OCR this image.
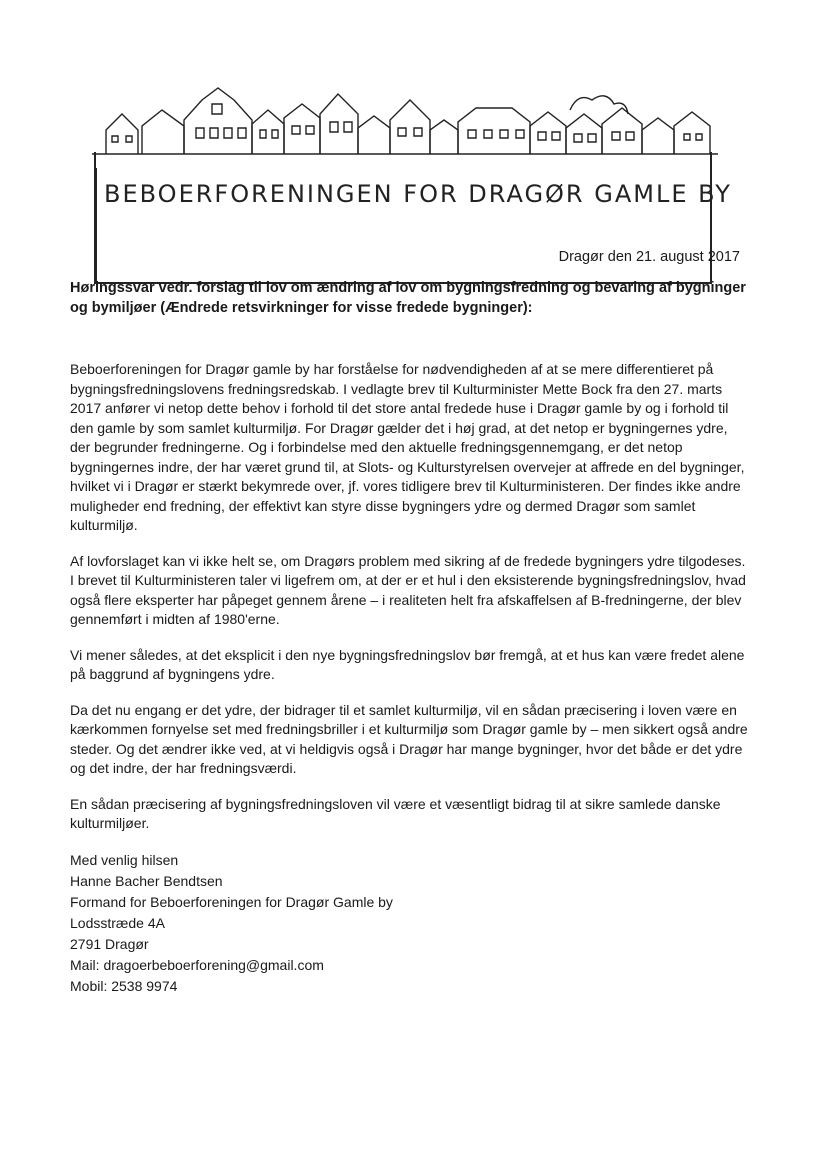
BEBOERFORENINGEN FOR DRAGØR GAMLE BY
Dragør den 21. august 2017
Høringssvar vedr. forslag til lov om ændring af lov om bygningsfredning og bevaring af bygninger og bymiljøer (Ændrede retsvirkninger for visse fredede bygninger):

Beboerforeningen for Dragør gamle by har forståelse for nødvendigheden af at se mere differentieret på bygningsfredningslovens fredningsredskab. I vedlagte brev til Kulturminister Mette Bock fra den 27. marts 2017 anfører vi netop dette behov i forhold til det store antal fredede huse i Dragør gamle by og i forhold til den gamle by som samlet kulturmiljø. For Dragør gælder det i høj grad, at det netop er bygningernes ydre, der begrunder fredningerne. Og i forbindelse med den aktuelle fredningsgennemgang, er det netop bygningernes indre, der har været grund til, at Slots- og Kulturstyrelsen overvejer at affrede en del bygninger, hvilket vi i Dragør er stærkt bekymrede over, jf. vores tidligere brev til Kulturministeren. Der findes ikke andre muligheder end fredning, der effektivt kan styre disse bygningers ydre og dermed Dragør som samlet kulturmiljø.

Af lovforslaget kan vi ikke helt se, om Dragørs problem med sikring af de fredede bygningers ydre tilgodeses. I brevet til Kulturministeren taler vi ligefrem om, at der er et hul i den eksisterende bygningsfredningslov, hvad også flere eksperter har påpeget gennem årene – i realiteten helt fra afskaffelsen af B-fredningerne, der blev gennemført i midten af 1980'erne.

Vi mener således, at det eksplicit i den nye bygningsfredningslov bør fremgå, at et hus kan være fredet alene på baggrund af bygningens ydre.

Da det nu engang er det ydre, der bidrager til et samlet kulturmiljø, vil en sådan præcisering i loven være en kærkommen fornyelse set med fredningsbriller i et kulturmiljø som Dragør gamle by – men sikkert også andre steder. Og det ændrer ikke ved, at vi heldigvis også i Dragør har mange bygninger, hvor det både er det ydre og det indre, der har fredningsværdi.

En sådan præcisering af bygningsfredningsloven vil være et væsentligt bidrag til at sikre samlede danske kulturmiljøer.

Med venlig hilsen
Hanne Bacher Bendtsen
Formand for Beboerforeningen for Dragør Gamle by
Lodsstræde 4A
2791 Dragør
Mail: dragoerbeboerforening@gmail.com
Mobil: 2538 9974
